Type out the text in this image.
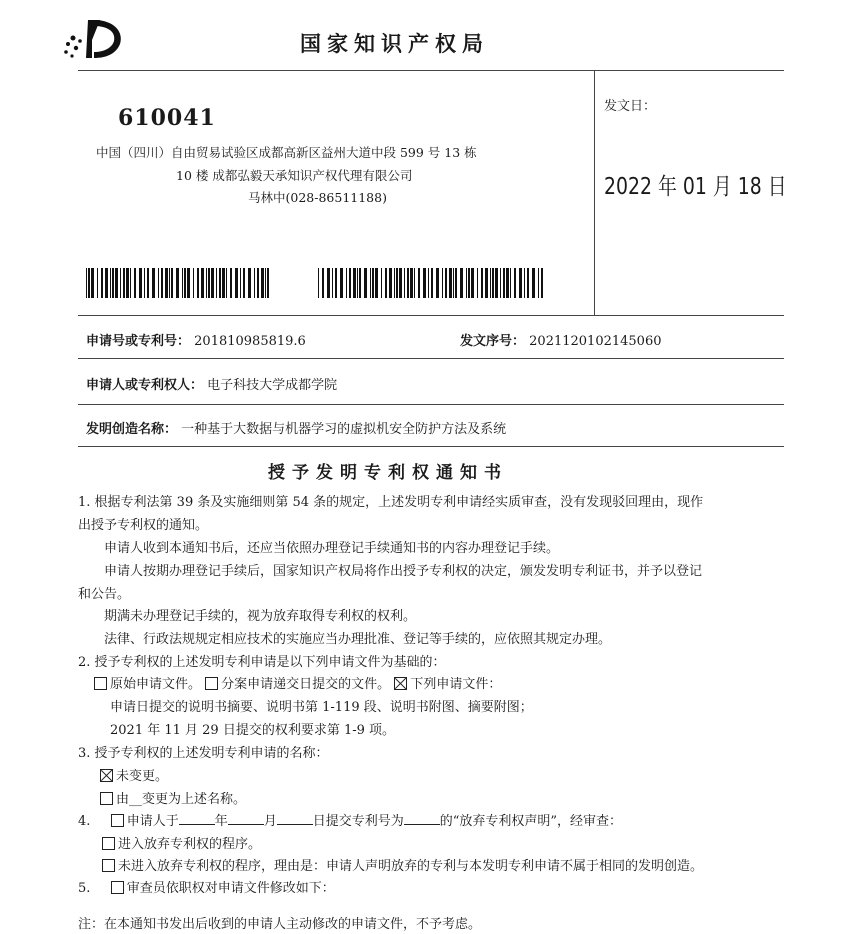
国家知识产权局
610041
中国（四川）自由贸易试验区成都高新区益州大道中段 599 号 13 栋
10 楼 成都弘毅天承知识产权代理有限公司
马林中(028-86511188)
发文日：
2022 年 01 月 18 日
申请号或专利号： 201810985819.6	发文序号： 2021120102145060
申请人或专利权人： 电子科技大学成都学院
发明创造名称： 一种基于大数据与机器学习的虚拟机安全防护方法及系统
授予发明专利权通知书
1. 根据专利法第 39 条及实施细则第 54 条的规定，上述发明专利申请经实质审查，没有发现驳回理由，现作
出授予专利权的通知。
申请人收到本通知书后，还应当依照办理登记手续通知书的内容办理登记手续。
申请人按期办理登记手续后，国家知识产权局将作出授予专利权的决定，颁发发明专利证书，并予以登记
和公告。
期满未办理登记手续的，视为放弃取得专利权的权利。
法律、行政法规规定相应技术的实施应当办理批准、登记等手续的，应依照其规定办理。
2. 授予专利权的上述发明专利申请是以下列申请文件为基础的：
原始申请文件。 分案申请递交日提交的文件。 下列申请文件：
申请日提交的说明书摘要、说明书第 1-119 段、说明书附图、摘要附图；
2021 年 11 月 29 日提交的权利要求第 1-9 项。
3. 授予专利权的上述发明专利申请的名称：
未变更。
由__变更为上述名称。
4.	申请人于	年	月	日提交专利号为	的“放弃专利权声明”，经审查：
进入放弃专利权的程序。
未进入放弃专利权的程序，理由是：申请人声明放弃的专利与本发明专利申请不属于相同的发明创造。
5.	审查员依职权对申请文件修改如下：
注：在本通知书发出后收到的申请人主动修改的申请文件，不予考虑。
